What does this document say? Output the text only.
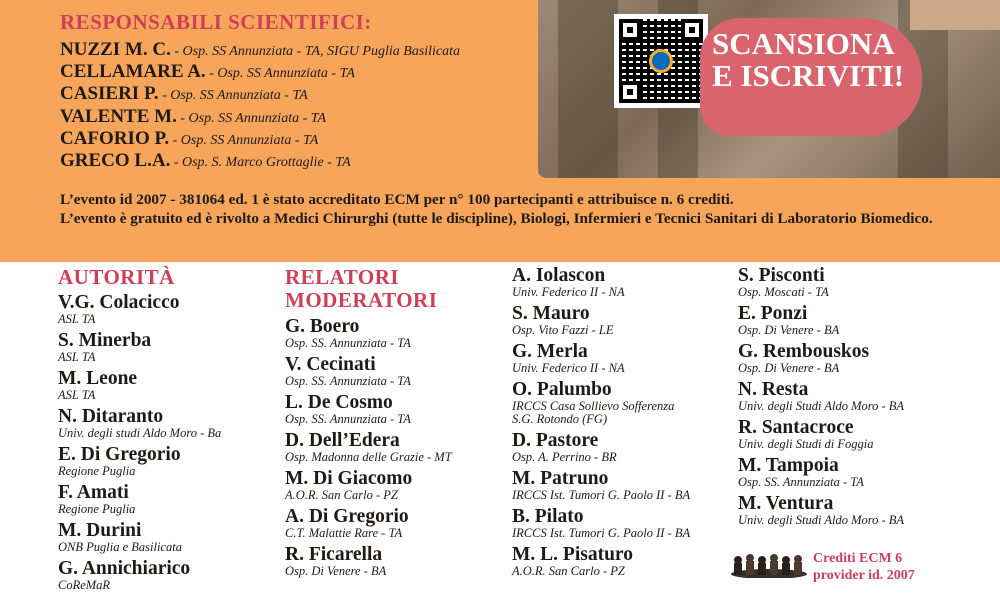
SCANSIONA E ISCRIVITI!
RESPONSABILI SCIENTIFICI:
NUZZI M. C. - Osp. SS Annunziata - TA, SIGU Puglia Basilicata
CELLAMARE A. - Osp. SS Annunziata - TA
CASIERI P. - Osp. SS Annunziata - TA
VALENTE M. - Osp. SS Annunziata - TA
CAFORIO P. - Osp. SS Annunziata - TA
GRECO L.A. - Osp. S. Marco Grottaglie - TA
L’evento id 2007 - 381064 ed. 1 è stato accreditato ECM per n° 100 partecipanti e attribuisce n. 6 crediti.
L’evento è gratuito ed è rivolto a Medici Chirurghi (tutte le discipline), Biologi, Infermieri e Tecnici Sanitari di Laboratorio Biomedico.
AUTORITÀ
V.G. Colacicco
ASL TA
S. Minerba
ASL TA
M. Leone
ASL TA
N. Ditaranto
Univ. degli studi Aldo Moro - Ba
E. Di Gregorio
Regione Puglia
F. Amati
Regione Puglia
M. Durini
ONB Puglia e Basilicata
G. Annichiarico
CoReMaR
RELATORI
MODERATORI
G. Boero
Osp. SS. Annunziata - TA
V. Cecinati
Osp. SS. Annunziata - TA
L. De Cosmo
Osp. SS. Annunziata - TA
D. Dell’Edera
Osp. Madonna delle Grazie - MT
M. Di Giacomo
A.O.R. San Carlo - PZ
A. Di Gregorio
C.T. Malattie Rare - TA
R. Ficarella
Osp. Di Venere - BA
A. Iolascon
Univ. Federico II - NA
S. Mauro
Osp. Vito Fazzi - LE
G. Merla
Univ. Federico II - NA
O. Palumbo
IRCCS Casa Sollievo Sofferenza
S.G. Rotondo (FG)
D. Pastore
Osp. A. Perrino - BR
M. Patruno
IRCCS Ist. Tumori G. Paolo II - BA
B. Pilato
IRCCS Ist. Tumori G. Paolo II - BA
M. L. Pisaturo
A.O.R. San Carlo - PZ
S. Pisconti
Osp. Moscati - TA
E. Ponzi
Osp. Di Venere - BA
G. Rembouskos
Osp. Di Venere - BA
N. Resta
Univ. degli Studi Aldo Moro - BA
R. Santacroce
Univ. degli Studi di Foggia
M. Tampoia
Osp. SS. Annunziata - TA
M. Ventura
Univ. degli Studi Aldo Moro - BA
Crediti ECM 6
provider id. 2007
